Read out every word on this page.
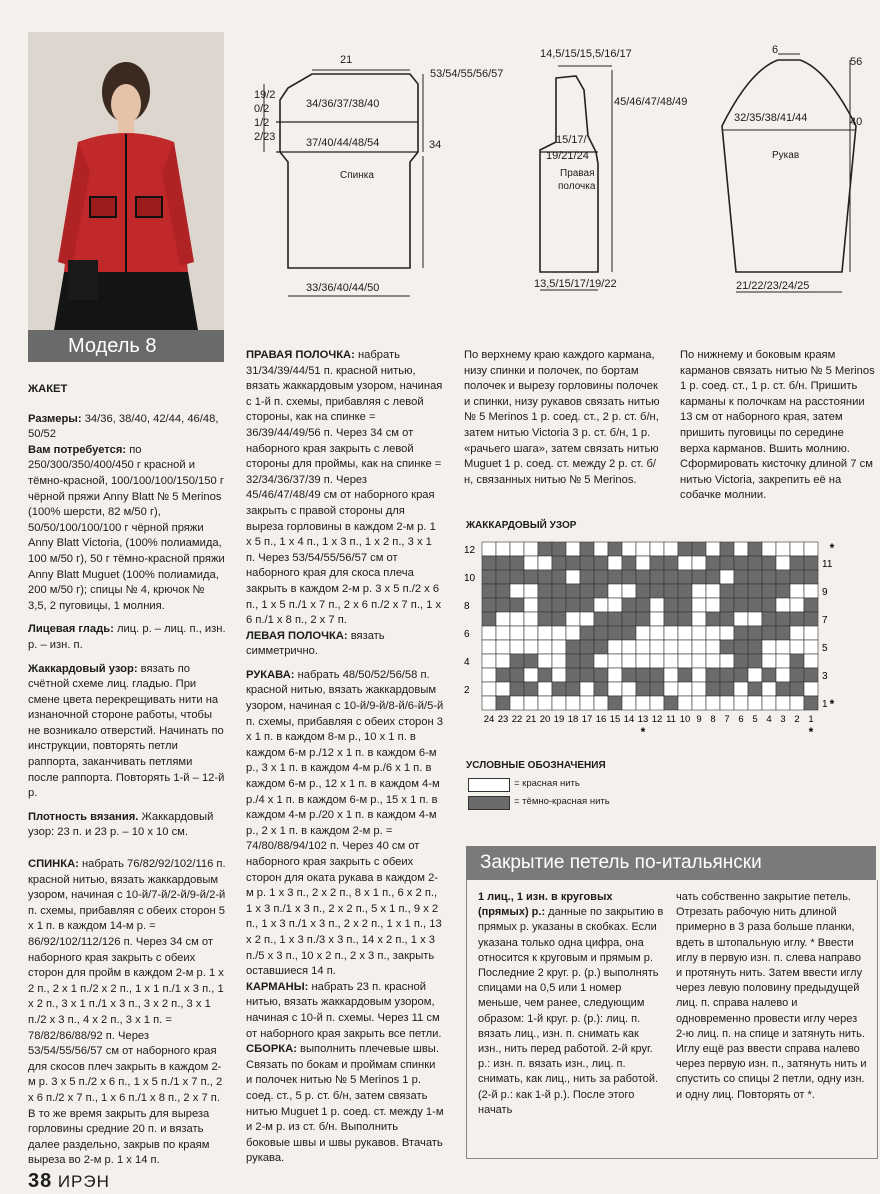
Модель 8

ЖАКЕТ

Размеры: 34/36, 38/40, 42/44, 46/48, 50/52
Вам потребуется: по 250/300/350/400/450 г красной и тёмно-красной, 100/100/100/150/150 г чёрной пряжи Anny Blatt № 5 Merinos (100% шерсти, 82 м/50 г), 50/50/100/100/100 г чёрной пряжи Anny Blatt Victoria, (100% полиамида, 100 м/50 г), 50 г тёмно-красной пряжи Anny Blatt Muguet (100% полиамида, 200 м/50 г); спицы № 4, крючок № 3,5, 2 пуговицы, 1 молния.

Лицевая гладь: лиц. р. – лиц. п., изн. р. – изн. п.

Жаккардовый узор: вязать по счётной схеме лиц. гладью. При смене цвета перекрещивать нити на изнаночной стороне работы, чтобы не возникало отверстий. Начинать по инструкции, повторять петли раппорта, заканчивать петлями после раппорта. Повторять 1-й – 12-й р.

Плотность вязания. Жаккардовый узор: 23 п. и 23 р. – 10 х 10 см.

СПИНКА: набрать 76/82/92/102/116 п. красной нитью, вязать жаккардовым узором, начиная с 10-й/7-й/2-й/9-й/2-й п. схемы, прибавляя с обеих сторон 5 х 1 п. в каждом 14-м р. = 86/92/102/112/126 п. Через 34 см от наборного края закрыть с обеих сторон для пройм в каждом 2-м р. 1 х 2 п., 2 х 1 п./2 х 2 п., 1 х 1 п./1 х 3 п., 1 х 2 п., 3 х 1 п./1 х 3 п., 3 х 2 п., 3 х 1 п./2 х 3 п., 4 х 2 п., 3 х 1 п. = 78/82/86/88/92 п. Через 53/54/55/56/57 см от наборного края для скосов плеч закрыть в каждом 2-м р. 3 х 5 п./2 х 6 п., 1 х 5 п./1 х 7 п., 2 х 6 п./2 х 7 п., 1 х 6 п./1 х 8 п., 2 х 7 п. В то же время закрыть для выреза горловины средние 20 п. и вязать далее раздельно, закрыв по краям выреза во 2-м р. 1 х 14 п.

21
53/54/55/56/57
19/20/21/22/23
34/36/37/38/40
37/40/44/48/54	34
Спинка
33/36/40/44/50
14,5/15/15,5/16/17
45/46/47/48/49
15/17/
19/21/24
Правая
полочка
13,5/15/17/19/22
6
56
32/35/38/41/44	40
Рукав
21/22/23/24/25

ПРАВАЯ ПОЛОЧКА: набрать 31/34/39/44/51 п. красной нитью, вязать жаккардовым узором, начиная с 1-й п. схемы, прибавляя с левой стороны, как на спинке = 36/39/44/49/56 п. Через 34 см от наборного края закрыть с левой стороны для проймы, как на спинке = 32/34/36/37/39 п. Через 45/46/47/48/49 см от наборного края закрыть с правой стороны для выреза горловины в каждом 2-м р. 1 х 5 п., 1 х 4 п., 1 х 3 п., 1 х 2 п., 3 х 1 п. Через 53/54/55/56/57 см от наборного края для скоса плеча закрыть в каждом 2-м р. 3 х 5 п./2 х 6 п., 1 х 5 п./1 х 7 п., 2 х 6 п./2 х 7 п., 1 х 6 п./1 х 8 п., 2 х 7 п.
ЛЕВАЯ ПОЛОЧКА: вязать симметрично.

РУКАВА: набрать 48/50/52/56/58 п. красной нитью, вязать жаккардовым узором, начиная с 10-й/9-й/8-й/6-й/5-й п. схемы, прибавляя с обеих сторон 3 х 1 п. в каждом 8-м р., 10 х 1 п. в каждом 6-м р./12 х 1 п. в каждом 6-м р., 3 х 1 п. в каждом 4-м р./6 х 1 п. в каждом 6-м р., 12 х 1 п. в каждом 4-м р./4 х 1 п. в каждом 6-м р., 15 х 1 п. в каждом 4-м р./20 х 1 п. в каждом 4-м р., 2 х 1 п. в каждом 2-м р. = 74/80/88/94/102 п. Через 40 см от наборного края закрыть с обеих сторон для оката рукава в каждом 2-м р. 1 х 3 п., 2 х 2 п., 8 х 1 п., 6 х 2 п., 1 х 3 п./1 х 3 п., 2 х 2 п., 5 х 1 п., 9 х 2 п., 1 х 3 п./1 х 3 п., 2 х 2 п., 1 х 1 п., 13 х 2 п., 1 х 3 п./3 х 3 п., 14 х 2 п., 1 х 3 п./5 х 3 п., 10 х 2 п., 2 х 3 п., закрыть оставшиеся 14 п.
КАРМАНЫ: набрать 23 п. красной нитью, вязать жаккардовым узором, начиная с 10-й п. схемы. Через 11 см от наборного края закрыть все петли.
СБОРКА: выполнить плечевые швы. Связать по бокам и проймам спинки и полочек нитью № 5 Merinos 1 р. соед. ст., 5 р. ст. б/н, затем связать нитью Muguet 1 р. соед. ст. между 1-м и 2-м р. из ст. б/н. Выполнить боковые швы и швы рукавов. Втачать рукава.

По верхнему краю каждого кармана, низу спинки и полочек, по бортам полочек и вырезу горловины полочек и спинки, низу рукавов связать нитью № 5 Merinos 1 р. соед. ст., 2 р. ст. б/н, затем нитью Victoria 3 р. ст. б/н, 1 р. «рачьего шага», затем связать нитью Muguet 1 р. соед. ст. между 2 р. ст. б/н, связанных нитью № 5 Merinos.

По нижнему и боковым краям карманов связать нитью № 5 Merinos 1 р. соед. ст., 1 р. ст. б/н. Пришить карманы к полочкам на расстоянии 13 см от наборного края, затем пришить пуговицы по середине верха карманов. Вшить молнию. Сформировать кисточку длиной 7 см нитью Victoria, закрепить её на собачке молнии.

ЖАККАРДОВЫЙ УЗОР
12
10
8
6
4
2
11
9
7
5
3
1
24 23 22 21 20 19 18 17 16 15 14 13 12 11 10 9 8 7 6 5 4 3 2 1
*
*
*	*
УСЛОВНЫЕ ОБОЗНАЧЕНИЯ
= красная нить
= тёмно-красная нить
Закрытие петель по-итальянски
1 лиц., 1 изн. в круговых (прямых) р.: данные по закрытию в прямых р. указаны в скобках. Если указана только одна цифра, она относится к круговым и прямым р. Последние 2 круг. р. (р.) выполнять спицами на 0,5 или 1 номер меньше, чем ранее, следующим образом: 1-й круг. р. (р.): лиц. п. вязать лиц., изн. п. снимать как изн., нить перед работой. 2-й круг. р.: изн. п. вязать изн., лиц. п. снимать, как лиц., нить за работой. (2-й р.: как 1-й р.). После этого начать
чать собственно закрытие петель. Отрезать рабочую нить длиной примерно в 3 раза больше планки, вдеть в штопальную иглу. * Ввести иглу в первую изн. п. слева направо и протянуть нить. Затем ввести иглу через левую половину предыдущей лиц. п. справа налево и одновременно провести иглу через 2-ю лиц. п. на спице и затянуть нить. Иглу ещё раз ввести справа налево через первую изн. п., затянуть нить и спустить со спицы 2 петли, одну изн. и одну лиц. Повторять от *.
38 ИРЭН
